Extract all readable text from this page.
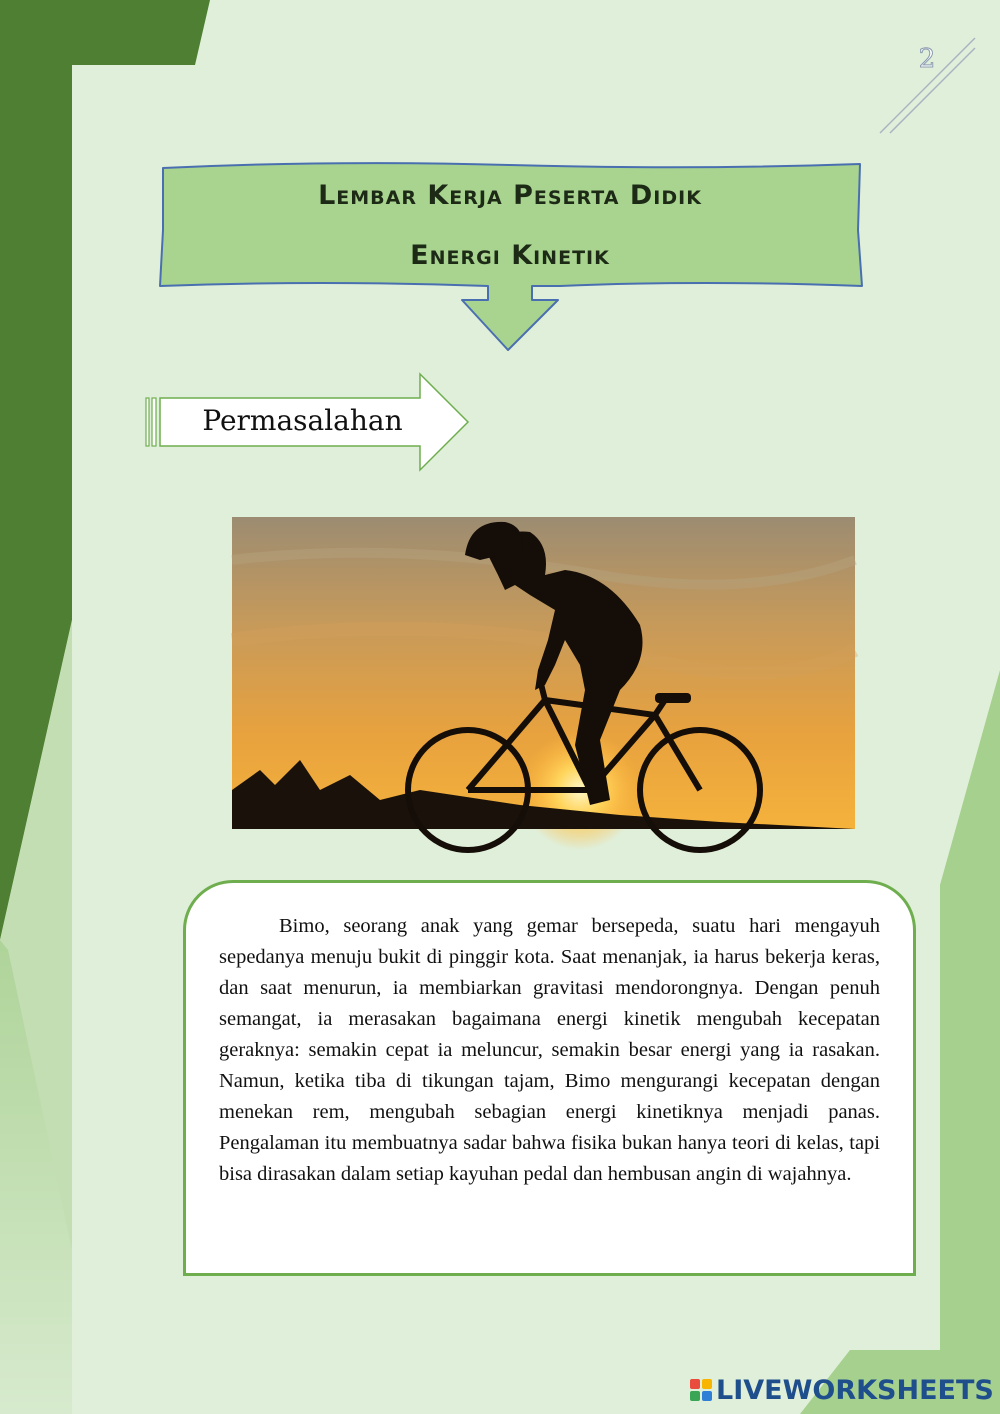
2
Lembar Kerja Peserta Didik
Energi Kinetik
Permasalahan

Bimo, seorang anak yang gemar bersepeda, suatu hari mengayuh sepedanya menuju bukit di pinggir kota. Saat menanjak, ia harus bekerja keras, dan saat menurun, ia membiarkan gravitasi mendorongnya. Dengan penuh semangat, ia merasakan bagaimana energi kinetik mengubah kecepatan geraknya: semakin cepat ia meluncur, semakin besar energi yang ia rasakan. Namun, ketika tiba di tikungan tajam, Bimo mengurangi kecepatan dengan menekan rem, mengubah sebagian energi kinetiknya menjadi panas. Pengalaman itu membuatnya sadar bahwa fisika bukan hanya teori di kelas, tapi bisa dirasakan dalam setiap kayuhan pedal dan hembusan angin di wajahnya.

LIVEWORKSHEETS
